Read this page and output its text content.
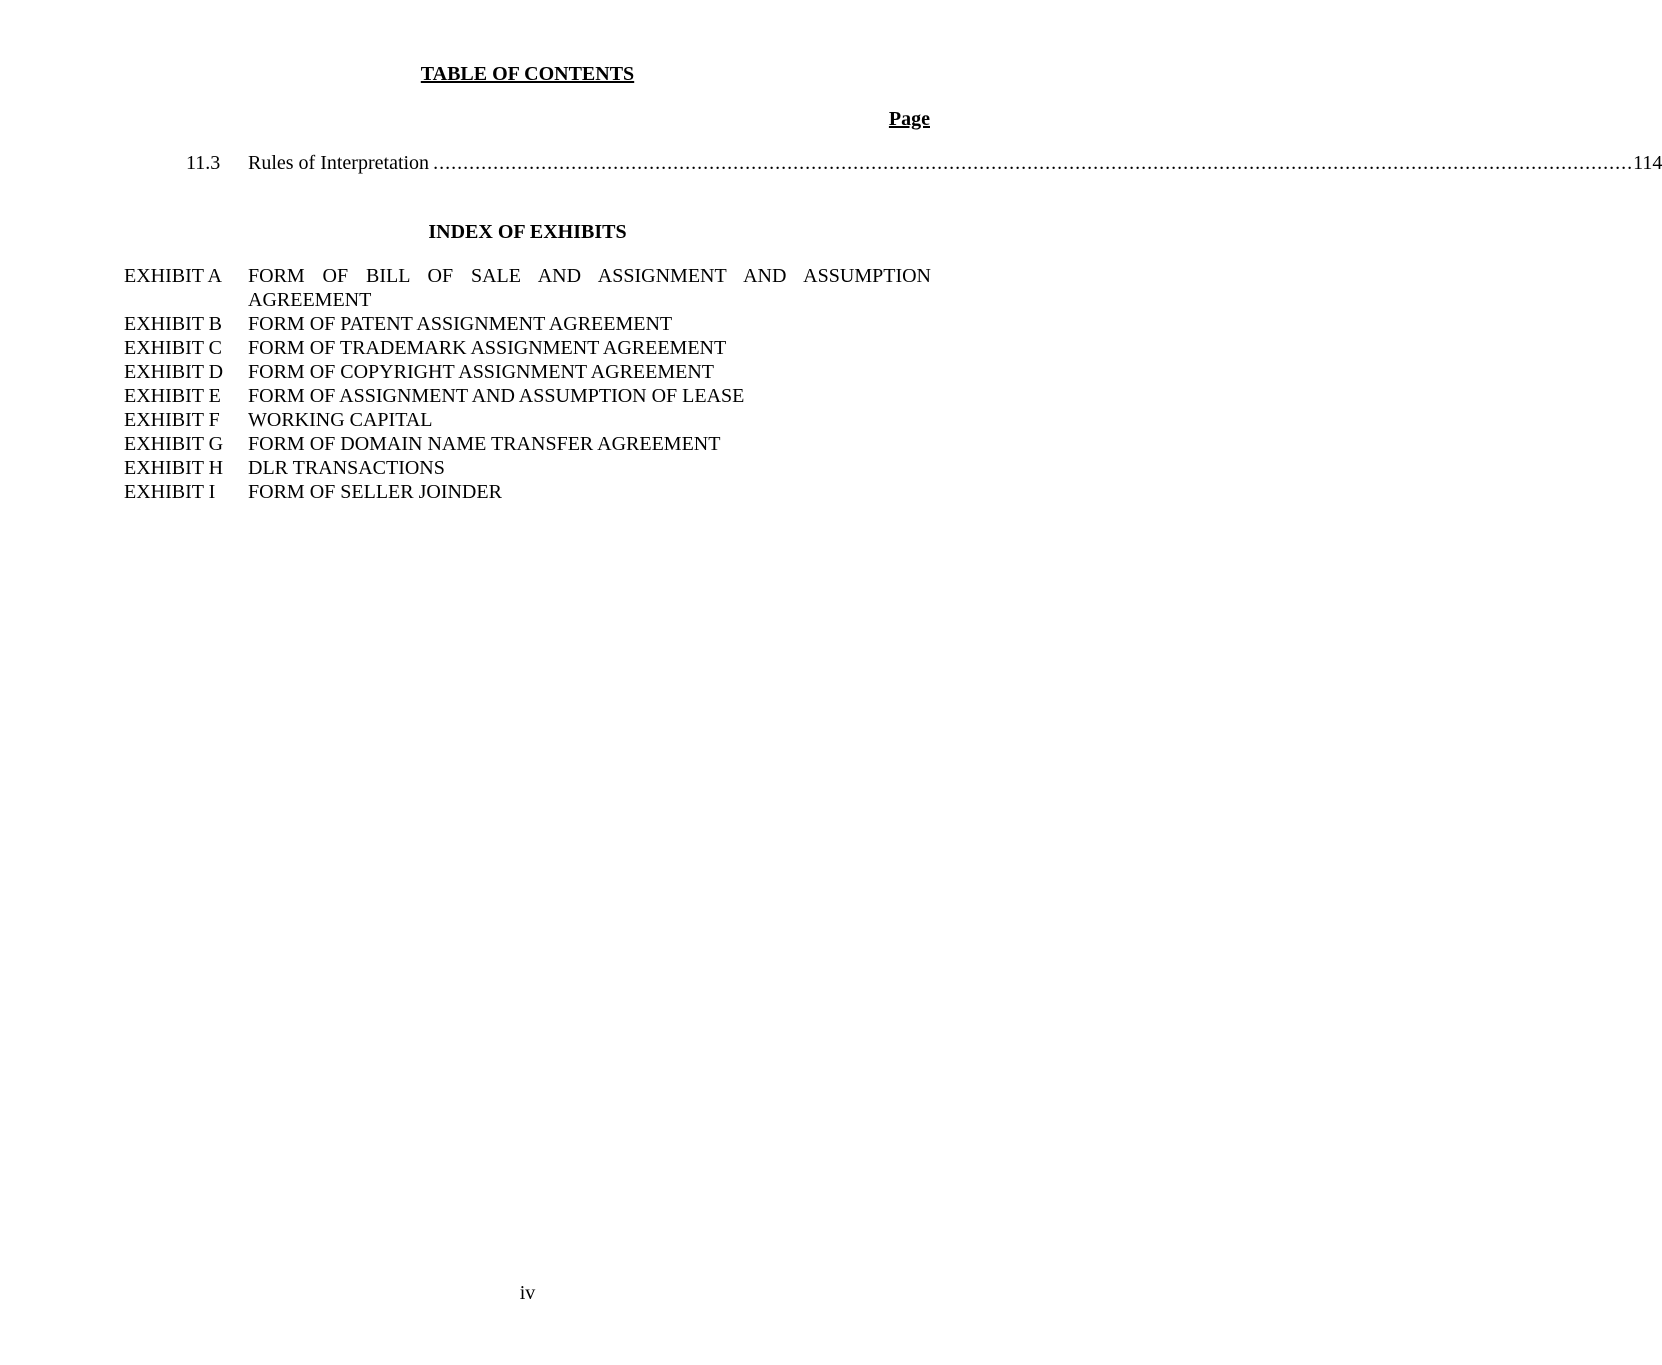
TABLE OF CONTENTS
Page
11.3	Rules of Interpretation ........................................................................................................................................................................................................ 114
INDEX OF EXHIBITS
EXHIBIT A	FORM OF BILL OF SALE AND ASSIGNMENT AND ASSUMPTION AGREEMENT
EXHIBIT B	FORM OF PATENT ASSIGNMENT AGREEMENT
EXHIBIT C	FORM OF TRADEMARK ASSIGNMENT AGREEMENT
EXHIBIT D	FORM OF COPYRIGHT ASSIGNMENT AGREEMENT
EXHIBIT E	FORM OF ASSIGNMENT AND ASSUMPTION OF LEASE
EXHIBIT F	WORKING CAPITAL
EXHIBIT G	FORM OF DOMAIN NAME TRANSFER AGREEMENT
EXHIBIT H	DLR TRANSACTIONS
EXHIBIT I	FORM OF SELLER JOINDER
iv
